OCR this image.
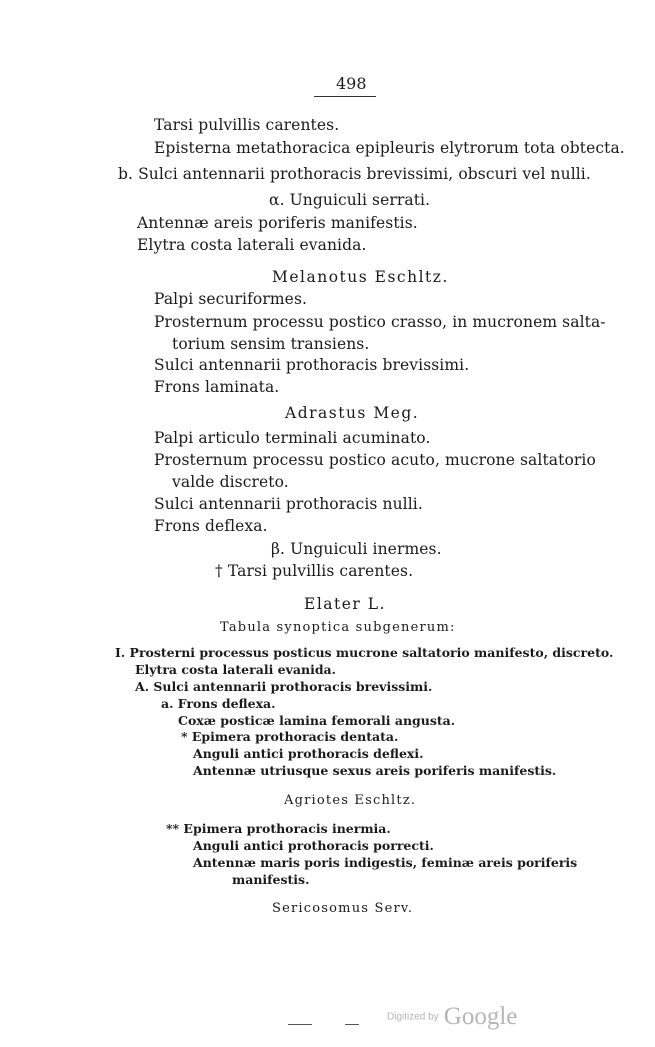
498
Tarsi pulvillis carentes.
Episterna metathoracica epipleuris elytrorum tota obtecta.
b. Sulci antennarii prothoracis brevissimi, obscuri vel nulli.
α. Unguiculi serrati.
Antennæ areis poriferis manifestis.
Elytra costa laterali evanida.
Melanotus Eschltz.
Palpi securiformes.
Prosternum processu postico crasso, in mucronem salta-
torium sensim transiens.
Sulci antennarii prothoracis brevissimi.
Frons laminata.
Adrastus Meg.
Palpi articulo terminali acuminato.
Prosternum processu postico acuto, mucrone saltatorio
valde discreto.
Sulci antennarii prothoracis nulli.
Frons deflexa.
β. Unguiculi inermes.
† Tarsi pulvillis carentes.
Elater L.
Tabula synoptica subgenerum:
I. Prosterni processus posticus mucrone saltatorio manifesto, discreto.
Elytra costa laterali evanida.
A. Sulci antennarii prothoracis brevissimi.
a. Frons deflexa.
Coxæ posticæ lamina femorali angusta.
* Epimera prothoracis dentata.
Anguli antici prothoracis deflexi.
Antennæ utriusque sexus areis poriferis manifestis.
Agriotes Eschltz.
** Epimera prothoracis inermia.
Anguli antici prothoracis porrecti.
Antennæ maris poris indigestis, feminæ areis poriferis
manifestis.
Sericosomus Serv.
Digitized by Google
